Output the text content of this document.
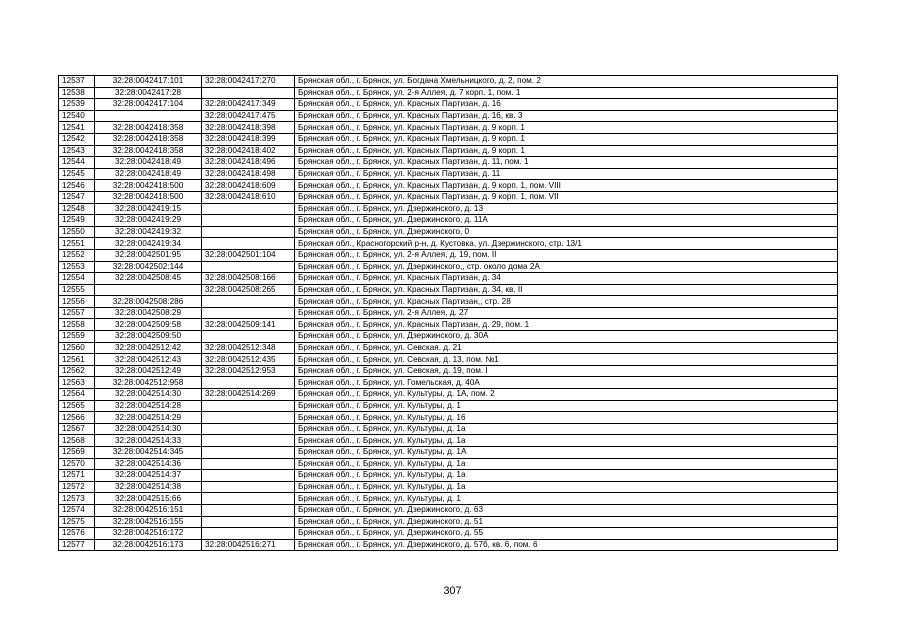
12537	32:28:0042417:101	32:28:0042417:270	Брянская обл., г. Брянск, ул. Богдана Хмельницкого, д. 2, пом. 2
12538	32:28:0042417:28		Брянская обл., г. Брянск, ул. 2-я Аллея, д. 7 корп. 1, пом. 1
12539	32:28:0042417:104	32:28:0042417:349	Брянская обл., г. Брянск, ул. Красных Партизан, д. 16
12540		32:28:0042417:475	Брянская обл., г. Брянск, ул. Красных Партизан, д. 16, кв. 3
12541	32:28:0042418:358	32:28:0042418:398	Брянская обл., г. Брянск, ул. Красных Партизан, д. 9 корп. 1
12542	32:28:0042418:358	32:28:0042418:399	Брянская обл., г. Брянск, ул. Красных Партизан, д. 9 корп. 1
12543	32:28:0042418:358	32:28:0042418:402	Брянская обл., г. Брянск, ул. Красных Партизан, д. 9 корп. 1
12544	32:28:0042418:49	32:28:0042418:496	Брянская обл., г. Брянск, ул. Красных Партизан, д. 11, пом. 1
12545	32:28:0042418:49	32:28:0042418:498	Брянская обл., г. Брянск, ул. Красных Партизан, д. 11
12546	32:28:0042418:500	32:28:0042418:609	Брянская обл., г. Брянск, ул. Красных Партизан, д. 9 корп. 1, пом. VIII
12547	32:28:0042418:500	32:28:0042418:610	Брянская обл., г. Брянск, ул. Красных Партизан, д. 9 корп. 1, пом. VII
12548	32:28:0042419:15		Брянская обл., г. Брянск, ул. Дзержинского, д. 13
12549	32:28:0042419:29		Брянская обл., г. Брянск, ул. Дзержинского, д. 11А
12550	32:28:0042419:32		Брянская обл., г. Брянск, ул. Дзержинского, 0
12551	32:28:0042419:34		Брянская обл., Красногорский р-н, д. Кустовка, ул. Дзержинского, стр. 13/1
12552	32:28:0042501:95	32:28:0042501:104	Брянская обл., г. Брянск, ул. 2-я Аллея, д. 19, пом. II
12553	32:28:0042502:144		Брянская обл., г. Брянск, ул. Дзержинского,, стр. около дома 2А
12554	32:28:0042508:45	32:28:0042508:166	Брянская обл., г. Брянск, ул. Красных Партизан, д. 34
12555		32:28:0042508:265	Брянская обл., г. Брянск, ул. Красных Партизан, д. 34, кв. II
12556	32:28:0042508:286		Брянская обл., г. Брянск, ул. Красных Партизан,, стр. 28
12557	32:28:0042508:29		Брянская обл., г. Брянск, ул. 2-я Аллея, д. 27
12558	32:28:0042509:58	32:28:0042509:141	Брянская обл., г. Брянск, ул. Красных Партизан, д. 29, пом. 1
12559	32:28:0042509:50		Брянская обл., г. Брянск, ул. Дзержинского, д. 30А
12560	32:28:0042512:42	32:28:0042512:348	Брянская обл., г. Брянск, ул. Севская, д. 21
12561	32:28:0042512:43	32:28:0042512:435	Брянская обл., г. Брянск, ул. Севская, д. 13, пом. №1
12562	32:28:0042512:49	32:28:0042512:953	Брянская обл., г. Брянск, ул. Севская, д. 19, пом. I
12563	32:28:0042512:958		Брянская обл., г. Брянск, ул. Гомельская, д. 40А
12564	32:28:0042514:30	32:28:0042514:269	Брянская обл., г. Брянск, ул. Культуры, д. 1А, пом. 2
12565	32:28:0042514:28		Брянская обл., г. Брянск, ул. Культуры, д. 1
12566	32:28:0042514:29		Брянская обл., г. Брянск, ул. Культуры, д. 16
12567	32:28:0042514:30		Брянская обл., г. Брянск, ул. Культуры, д. 1а
12568	32:28:0042514:33		Брянская обл., г. Брянск, ул. Культуры, д. 1а
12569	32:28:0042514:345		Брянская обл., г. Брянск, ул. Культуры, д. 1А
12570	32:28:0042514:36		Брянская обл., г. Брянск, ул. Культуры, д. 1а
12571	32:28:0042514:37		Брянская обл., г. Брянск, ул. Культуры, д. 1а
12572	32:28:0042514:38		Брянская обл., г. Брянск, ул. Культуры, д. 1а
12573	32:28:0042515:66		Брянская обл., г. Брянск, ул. Культуры, д. 1
12574	32:28:0042516:151		Брянская обл., г. Брянск, ул. Дзержинского, д. 63
12575	32:28:0042516:155		Брянская обл., г. Брянск, ул. Дзержинского, д. 51
12576	32:28:0042516:172		Брянская обл., г. Брянск, ул. Дзержинского, д. 55
12577	32:28:0042516:173	32:28:0042516:271	Брянская обл., г. Брянск, ул. Дзержинского, д. 57б, кв. 6, пом. 6
307
